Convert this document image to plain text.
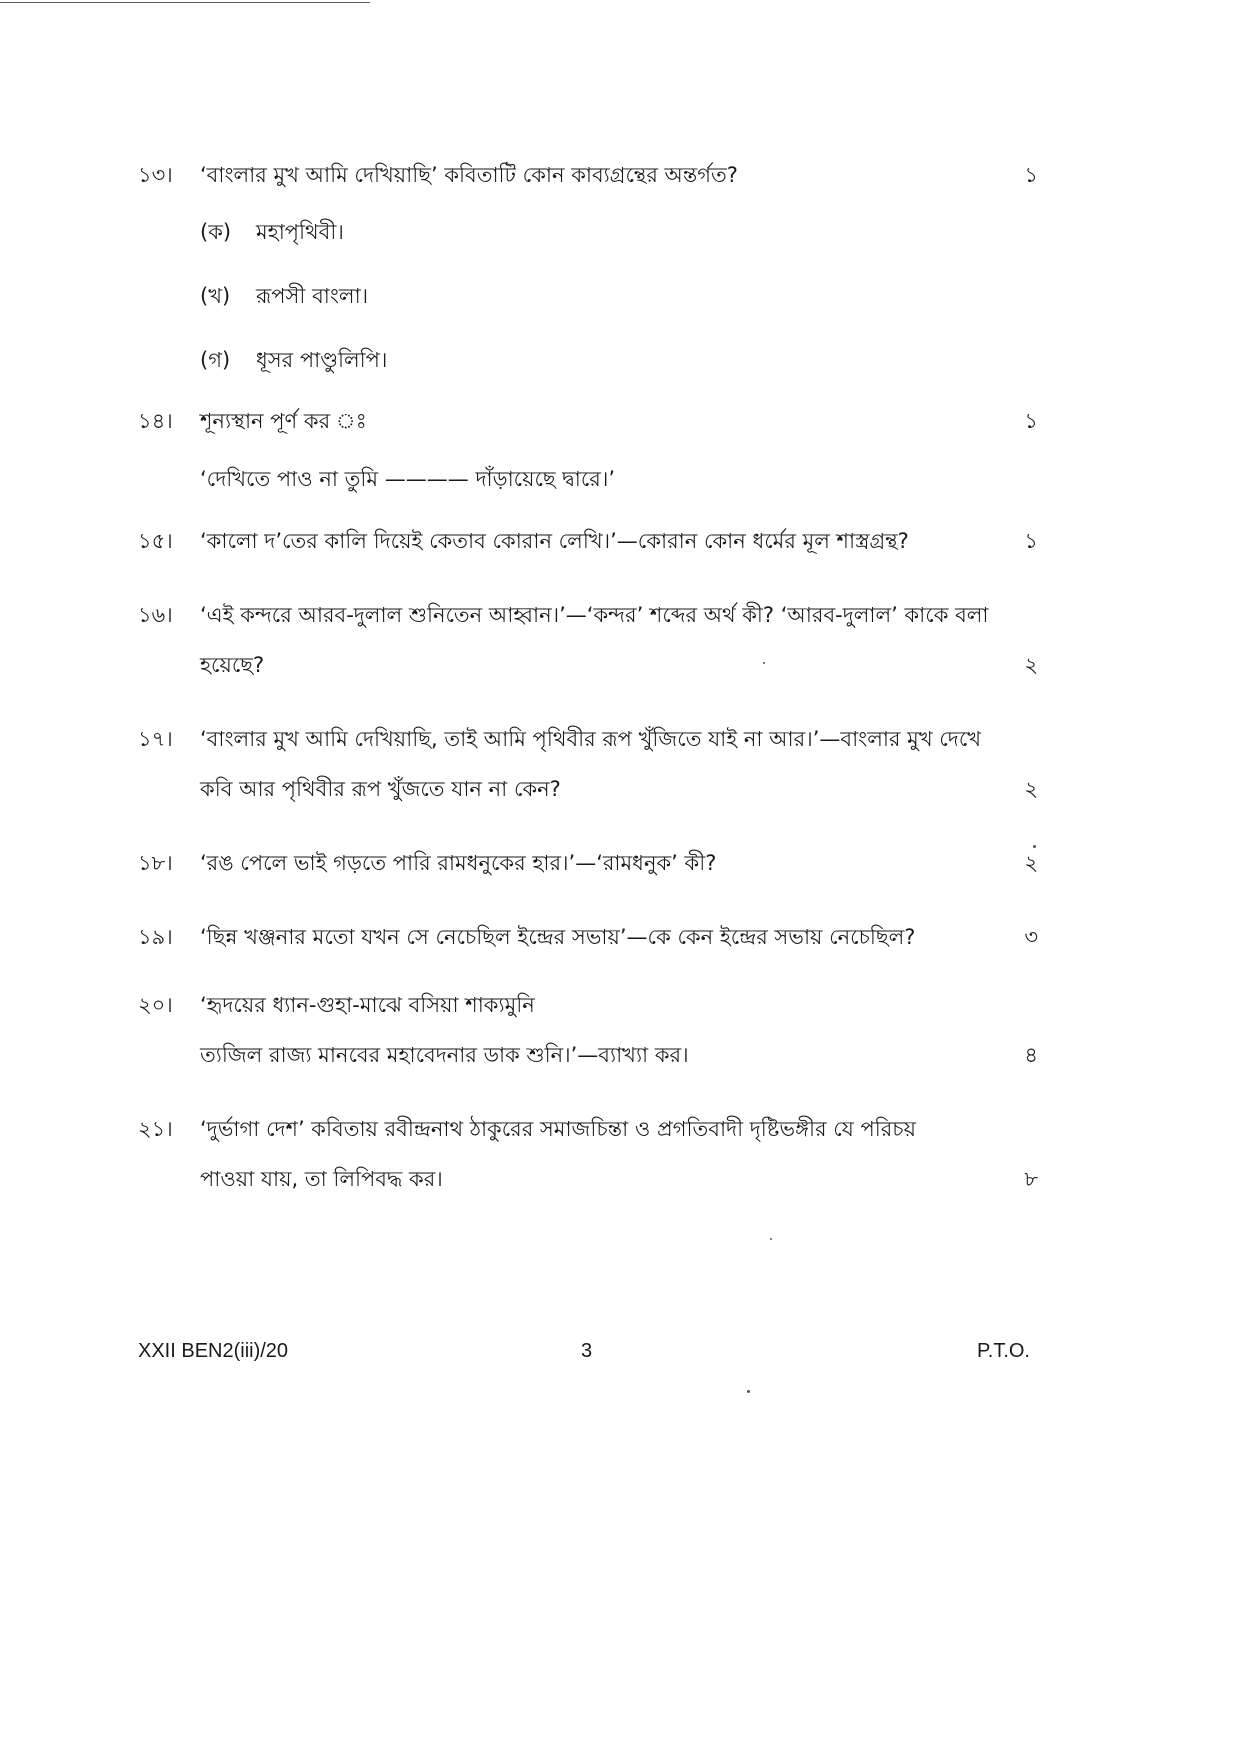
১৩।	‘বাংলার মুখ আমি দেখিয়াছি’ কবিতাটি কোন কাব্যগ্রন্থের অন্তর্গত?	১
(ক)	মহাপৃথিবী।
(খ)	রূপসী বাংলা।
(গ)	ধূসর পাণ্ডুলিপি।
১৪।	শূন্যস্থান পূর্ণ কর ঃ	১
‘দেখিতে পাও না তুমি ———— দাঁড়ায়েছে দ্বারে।’
১৫।	‘কালো দ’তের কালি দিয়েই কেতাব কোরান লেখি।’—কোরান কোন ধর্মের মূল শাস্ত্রগ্রন্থ?	১
১৬।	‘এই কন্দরে আরব-দুলাল শুনিতেন আহ্বান।’—‘কন্দর’ শব্দের অর্থ কী? ‘আরব-দুলাল’ কাকে বলা
হয়েছে?	২
১৭।	‘বাংলার মুখ আমি দেখিয়াছি, তাই আমি পৃথিবীর রূপ খুঁজিতে যাই না আর।’—বাংলার মুখ দেখে
কবি আর পৃথিবীর রূপ খুঁজতে যান না কেন?	২
১৮।	‘রঙ পেলে ভাই গড়তে পারি রামধনুকের হার।’—‘রামধনুক’ কী?	২
১৯।	‘ছিন্ন খঞ্জনার মতো যখন সে নেচেছিল ইন্দ্রের সভায়’—কে কেন ইন্দ্রের সভায় নেচেছিল?	৩
২০।	‘হৃদয়ের ধ্যান-গুহা-মাঝে বসিয়া শাক্যমুনি
ত্যজিল রাজ্য মানবের মহাবেদনার ডাক শুনি।’—ব্যাখ্যা কর।	৪
২১।	‘দুর্ভাগা দেশ’ কবিতায় রবীন্দ্রনাথ ঠাকুরের সমাজচিন্তা ও প্রগতিবাদী দৃষ্টিভঙ্গীর যে পরিচয়
পাওয়া যায়, তা লিপিবদ্ধ কর।	৮
XXII BEN2(iii)/20	3	P.T.O.
